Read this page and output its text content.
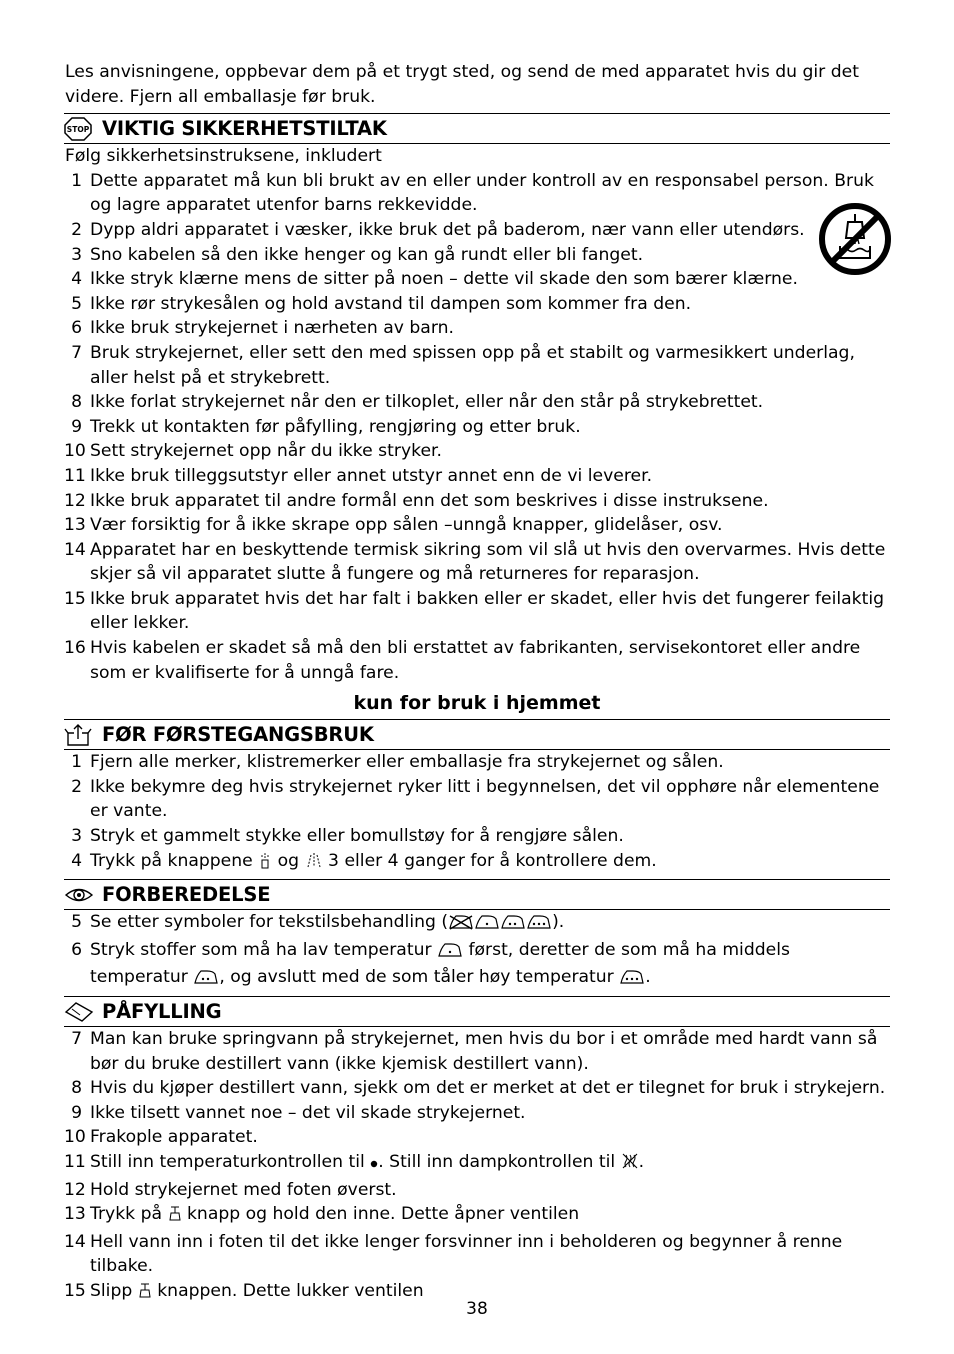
Les anvisningene, oppbevar dem på et trygt sted, og send de med apparatet hvis du gir det videre. Fjern all emballasje før bruk.
STOP VIKTIG SIKKERHETSTILTAK
Følg sikkerhetsinstruksene, inkludert
1 Dette apparatet må kun bli brukt av en eller under kontroll av en responsabel person. Bruk og lagre apparatet utenfor barns rekkevidde.
2 Dypp aldri apparatet i væsker, ikke bruk det på baderom, nær vann eller utendørs.
3 Sno kabelen så den ikke henger og kan gå rundt eller bli fanget.
4 Ikke stryk klærne mens de sitter på noen – dette vil skade den som bærer klærne.
5 Ikke rør strykesålen og hold avstand til dampen som kommer fra den.
6 Ikke bruk strykejernet i nærheten av barn.
7 Bruk strykejernet, eller sett den med spissen opp på et stabilt og varmesikkert underlag, aller helst på et strykebrett.
8 Ikke forlat strykejernet når den er tilkoplet, eller når den står på strykebrettet.
9 Trekk ut kontakten før påfylling, rengjøring og etter bruk.
10 Sett strykejernet opp når du ikke stryker.
11 Ikke bruk tilleggsutstyr eller annet utstyr annet enn de vi leverer.
12 Ikke bruk apparatet til andre formål enn det som beskrives i disse instruksene.
13 Vær forsiktig for å ikke skrape opp sålen –unngå knapper, glidelåser, osv.
14 Apparatet har en beskyttende termisk sikring som vil slå ut hvis den overvarmes. Hvis dette skjer så vil apparatet slutte å fungere og må returneres for reparasjon.
15 Ikke bruk apparatet hvis det har falt i bakken eller er skadet, eller hvis det fungerer feilaktig eller lekker.
16 Hvis kabelen er skadet så må den bli erstattet av fabrikanten, servisekontoret eller andre som er kvalifiserte for å unngå fare.
kun for bruk i hjemmet
FØR FØRSTEGANGSBRUK
1 Fjern alle merker, klistremerker eller emballasje fra strykejernet og sålen.
2 Ikke bekymre deg hvis strykejernet ryker litt i begynnelsen, det vil opphøre når elementene er vante.
3 Stryk et gammelt stykke eller bomullstøy for å rengjøre sålen.
4 Trykk på knappene og 3 eller 4 ganger for å kontrollere dem.
FORBEREDELSE
5 Se etter symboler for tekstilsbehandling (	).
6 Stryk stoffer som må ha lav temperatur først, deretter de som må ha middels temperatur , og avslutt med de som tåler høy temperatur .
PÅFYLLING
7 Man kan bruke springvann på strykejernet, men hvis du bor i et område med hardt vann så bør du bruke destillert vann (ikke kjemisk destillert vann).
8 Hvis du kjøper destillert vann, sjekk om det er merket at det er tilegnet for bruk i strykejern.
9 Ikke tilsett vannet noe – det vil skade strykejernet.
10 Frakople apparatet.
11 Still inn temperaturkontrollen til . Still inn dampkontrollen til .
12 Hold strykejernet med foten øverst.
13 Trykk på knapp og hold den inne. Dette åpner ventilen
14 Hell vann inn i foten til det ikke lenger forsvinner inn i beholderen og begynner å renne tilbake.
15 Slipp knappen. Dette lukker ventilen
38
